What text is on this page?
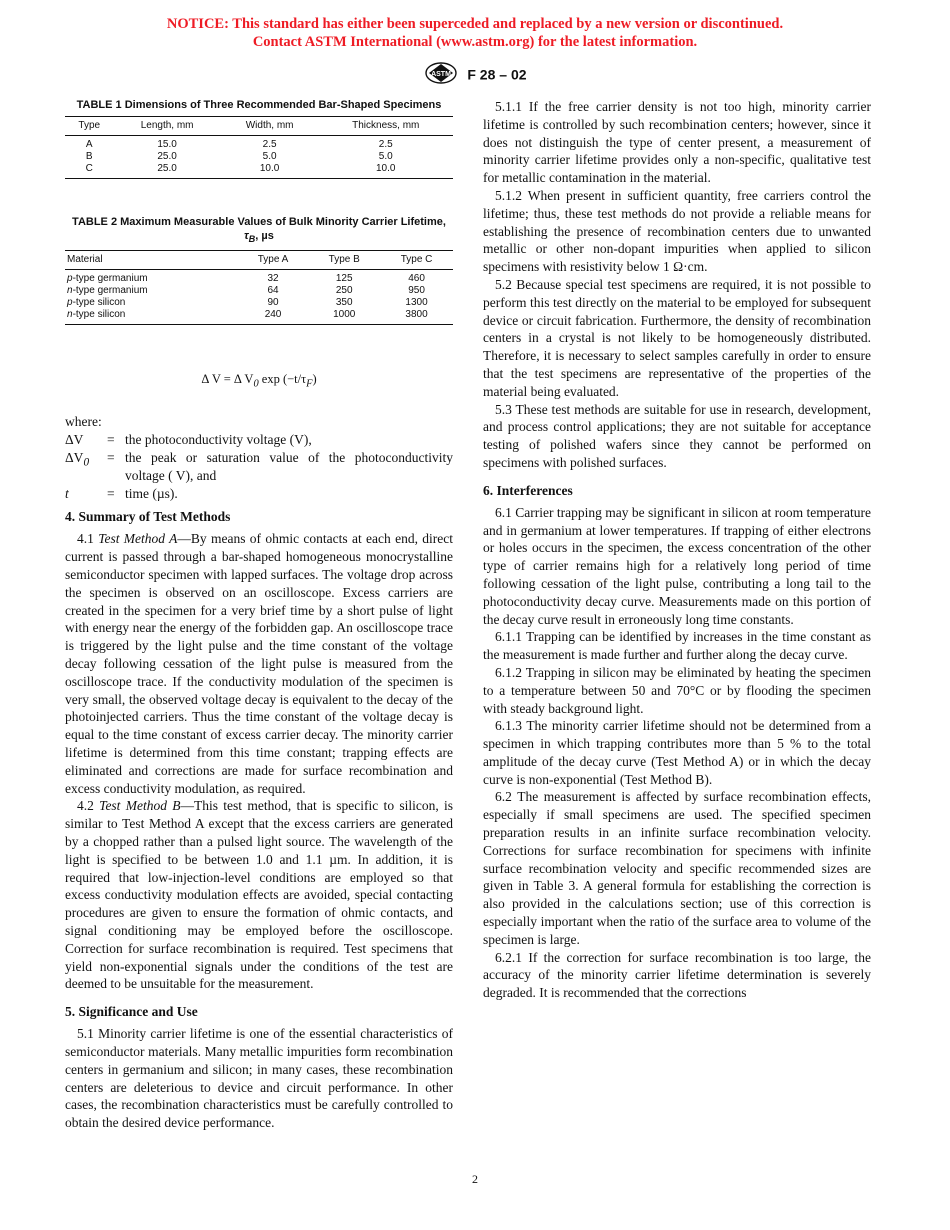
NOTICE: This standard has either been superceded and replaced by a new version or discontinued.
Contact ASTM International (www.astm.org) for the latest information.
ASTM F 28 – 02
TABLE 1 Dimensions of Three Recommended Bar-Shaped Specimens
Type	Length, mm	Width, mm	Thickness, mm
A	15.0	2.5	2.5
B	25.0	5.0	5.0
C	25.0	10.0	10.0
TABLE 2 Maximum Measurable Values of Bulk Minority Carrier Lifetime, $\tau_B$, µs
Material	Type A	Type B	Type C
p-type germanium	32	125	460
n-type germanium	64	250	950
p-type silicon	90	350	1300
n-type silicon	240	1000	3800
Δ V = Δ $V_0$ $\exp (-t/\tau_F)$
where:
ΔV	= the photoconductivity voltage (V),
$\Delta V_0$	= the peak or saturation value of the photoconductivity voltage ( V), and
t	= time (µs).
4. Summary of Test Methods

4.1 Test Method A—By means of ohmic contacts at each end, direct current is passed through a bar-shaped homogeneous monocrystalline semiconductor specimen with lapped surfaces. The voltage drop across the specimen is observed on an oscilloscope. Excess carriers are created in the specimen for a very brief time by a short pulse of light with energy near the energy of the forbidden gap. An oscilloscope trace is triggered by the light pulse and the time constant of the voltage decay following cessation of the light pulse is measured from the oscilloscope trace. If the conductivity modulation of the specimen is very small, the observed voltage decay is equivalent to the decay of the photoinjected carriers. Thus the time constant of the voltage decay is equal to the time constant of excess carrier decay. The minority carrier lifetime is determined from this time constant; trapping effects are eliminated and corrections are made for surface recombination and excess conductivity modulation, as required.

4.2 Test Method B—This test method, that is specific to silicon, is similar to Test Method A except that the excess carriers are generated by a chopped rather than a pulsed light source. The wavelength of the light is specified to be between 1.0 and 1.1 µm. In addition, it is required that low-injection-level conditions are employed so that excess conductivity modulation effects are avoided, special contacting procedures are given to ensure the formation of ohmic contacts, and signal conditioning may be employed before the oscilloscope. Correction for surface recombination is required. Test specimens that yield non-exponential signals under the conditions of the test are deemed to be unsuitable for the measurement.

5. Significance and Use

5.1 Minority carrier lifetime is one of the essential characteristics of semiconductor materials. Many metallic impurities form recombination centers in germanium and silicon; in many cases, these recombination centers are deleterious to device and circuit performance. In other cases, the recombination characteristics must be carefully controlled to obtain the desired device performance.

5.1.1 If the free carrier density is not too high, minority carrier lifetime is controlled by such recombination centers; however, since it does not distinguish the type of center present, a measurement of minority carrier lifetime provides only a non-specific, qualitative test for metallic contamination in the material.

5.1.2 When present in sufficient quantity, free carriers control the lifetime; thus, these test methods do not provide a reliable means for establishing the presence of recombination centers due to unwanted metallic or other non-dopant impurities when applied to silicon specimens with resistivity below 1 Ω·cm.

5.2 Because special test specimens are required, it is not possible to perform this test directly on the material to be employed for subsequent device or circuit fabrication. Furthermore, the density of recombination centers in a crystal is not likely to be homogeneously distributed. Therefore, it is necessary to select samples carefully in order to ensure that the test specimens are representative of the properties of the material being evaluated.

5.3 These test methods are suitable for use in research, development, and process control applications; they are not suitable for acceptance testing of polished wafers since they cannot be performed on specimens with polished surfaces.

6. Interferences

6.1 Carrier trapping may be significant in silicon at room temperature and in germanium at lower temperatures. If trapping of either electrons or holes occurs in the specimen, the excess concentration of the other type of carrier remains high for a relatively long period of time following cessation of the light pulse, contributing a long tail to the photoconductivity decay curve. Measurements made on this portion of the decay curve result in erroneously long time constants.

6.1.1 Trapping can be identified by increases in the time constant as the measurement is made further and further along the decay curve.

6.1.2 Trapping in silicon may be eliminated by heating the specimen to a temperature between 50 and 70°C or by flooding the specimen with steady background light.

6.1.3 The minority carrier lifetime should not be determined from a specimen in which trapping contributes more than 5 % to the total amplitude of the decay curve (Test Method A) or in which the decay curve is non-exponential (Test Method B).

6.2 The measurement is affected by surface recombination effects, especially if small specimens are used. The specified specimen preparation results in an infinite surface recombination velocity. Corrections for surface recombination for specimens with infinite surface recombination velocity and specific recommended sizes are given in Table 3. A general formula for establishing the correction is also provided in the calculations section; use of this correction is especially important when the ratio of the surface area to volume of the specimen is large.

6.2.1 If the correction for surface recombination is too large, the accuracy of the minority carrier lifetime determination is severely degraded. It is recommended that the corrections

2
